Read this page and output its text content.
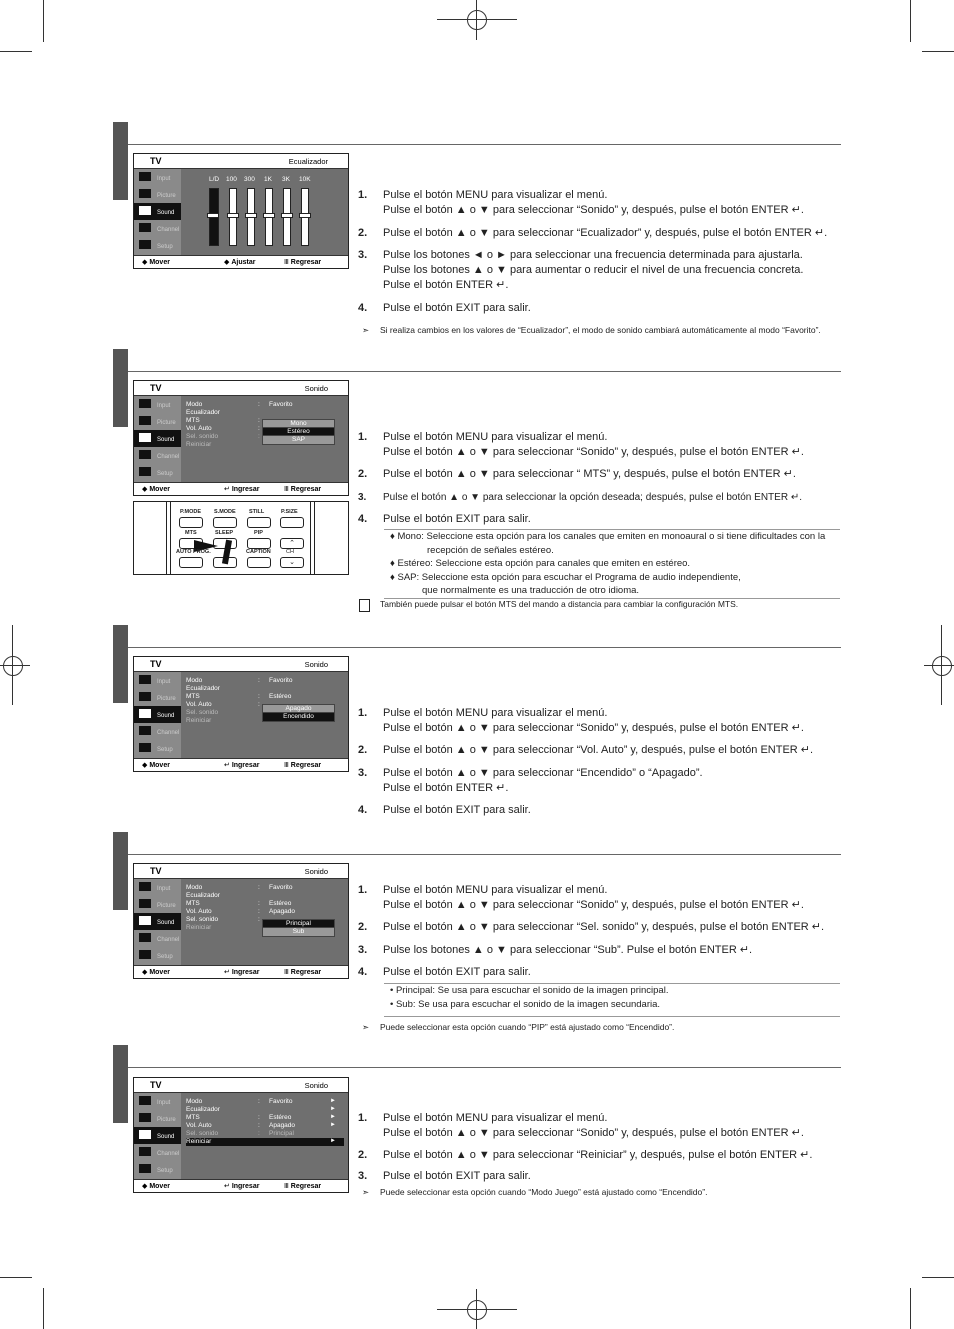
TV	Ecualizador
Input
Picture
Sound
Channel
Setup
L/D 100 300 1K 3K 10K
◆ Mover	◆ Ajustar	Ⅲ Regresar
1. Pulse el botón MENU para visualizar el menú.
Pulse el botón ▲ o ▼ para seleccionar “Sonido” y, después, pulse el botón ENTER ↵.
2. Pulse el botón ▲ o ▼ para seleccionar “Ecualizador” y, después, pulse el botón ENTER ↵.
3. Pulse los botones ◄ o ► para seleccionar una frecuencia determinada para ajustarla.
Pulse los botones ▲ o ▼ para aumentar o reducir el nivel de una frecuencia concreta.
Pulse el botón ENTER ↵.
4. Pulse el botón EXIT para salir.
➣ Si realiza cambios en los valores de “Ecualizador”, el modo de sonido cambiará automáticamente al modo “Favorito”.
TV	Sonido
Input
Picture
Sound
Channel
Setup
Modo	: Favorito
Ecualizador
MTS	:
Vol. Auto	:
Sel. sonido	:
Reiniciar
Mono
Estéreo
SAP
◆ Mover	↵ Ingresar	Ⅲ Regresar
P.MODE S.MODE STILL	P.SIZE
MTS	SLEEP	PIP
⌃
AUTO PROG.	CAPTION	CH
⌄
1. Pulse el botón MENU para visualizar el menú.
Pulse el botón ▲ o ▼ para seleccionar “Sonido” y, después, pulse el botón ENTER ↵.
2. Pulse el botón ▲ o ▼ para seleccionar “ MTS” y, después, pulse el botón ENTER ↵.
3. Pulse el botón ▲ o ▼ para seleccionar la opción deseada; después, pulse el botón ENTER ↵.
4. Pulse el botón EXIT para salir.
♦ Mono: Seleccione esta opción para los canales que emiten en monoaural o si tiene dificultades con la
recepción de señales estéreo.
♦ Estéreo: Seleccione esta opción para canales que emiten en estéreo.
♦ SAP: Seleccione esta opción para escuchar el Programa de audio independiente,
que normalmente es una traducción de otro idioma.
También puede pulsar el botón MTS del mando a distancia para cambiar la configuración MTS.
TV	Sonido
Input
Picture
Sound
Channel
Setup
Modo	: Favorito
Ecualizador
MTS	: Estéreo
Vol. Auto	:
Sel. sonido
Reiniciar
Apagado
Encendido
◆ Mover	↵ Ingresar	Ⅲ Regresar
1. Pulse el botón MENU para visualizar el menú.
Pulse el botón ▲ o ▼ para seleccionar “Sonido” y, después, pulse el botón ENTER ↵.
2. Pulse el botón ▲ o ▼ para seleccionar “Vol. Auto” y, después, pulse el botón ENTER ↵.
3. Pulse el botón ▲ o ▼ para seleccionar “Encendido” o “Apagado”.
Pulse el botón ENTER ↵.
4. Pulse el botón EXIT para salir.
TV	Sonido
Input
Picture
Sound
Channel
Setup
Modo	: Favorito
Ecualizador
MTS	: Estéreo
Vol. Auto	: Apagado
Sel. sonido	:
Reiniciar
Principal
Sub
◆ Mover	↵ Ingresar	Ⅲ Regresar
1. Pulse el botón MENU para visualizar el menú.
Pulse el botón ▲ o ▼ para seleccionar “Sonido” y, después, pulse el botón ENTER ↵.
2. Pulse el botón ▲ o ▼ para seleccionar “Sel. sonido” y, después, pulse el botón ENTER ↵.
3. Pulse los botones ▲ o ▼ para seleccionar “Sub”. Pulse el botón ENTER ↵.
4. Pulse el botón EXIT para salir.
• Principal: Se usa para escuchar el sonido de la imagen principal.
• Sub: Se usa para escuchar el sonido de la imagen secundaria.
➣ Puede seleccionar esta opción cuando “PIP” está ajustado como “Encendido”.
TV	Sonido
Input
Picture
Sound
Channel
Setup
Modo	: Favorito	►
Ecualizador	►
MTS	: Estéreo	►
Vol. Auto	: Apagado	►
Sel. sonido	: Principal
Reiniciar	►
◆ Mover	↵ Ingresar	Ⅲ Regresar
1. Pulse el botón MENU para visualizar el menú.
Pulse el botón ▲ o ▼ para seleccionar “Sonido” y, después, pulse el botón ENTER ↵.
2. Pulse el botón ▲ o ▼ para seleccionar “Reiniciar” y, después, pulse el botón ENTER ↵.
3. Pulse el botón EXIT para salir.
➣ Puede seleccionar esta opción cuando “Modo Juego” está ajustado como “Encendido”.
